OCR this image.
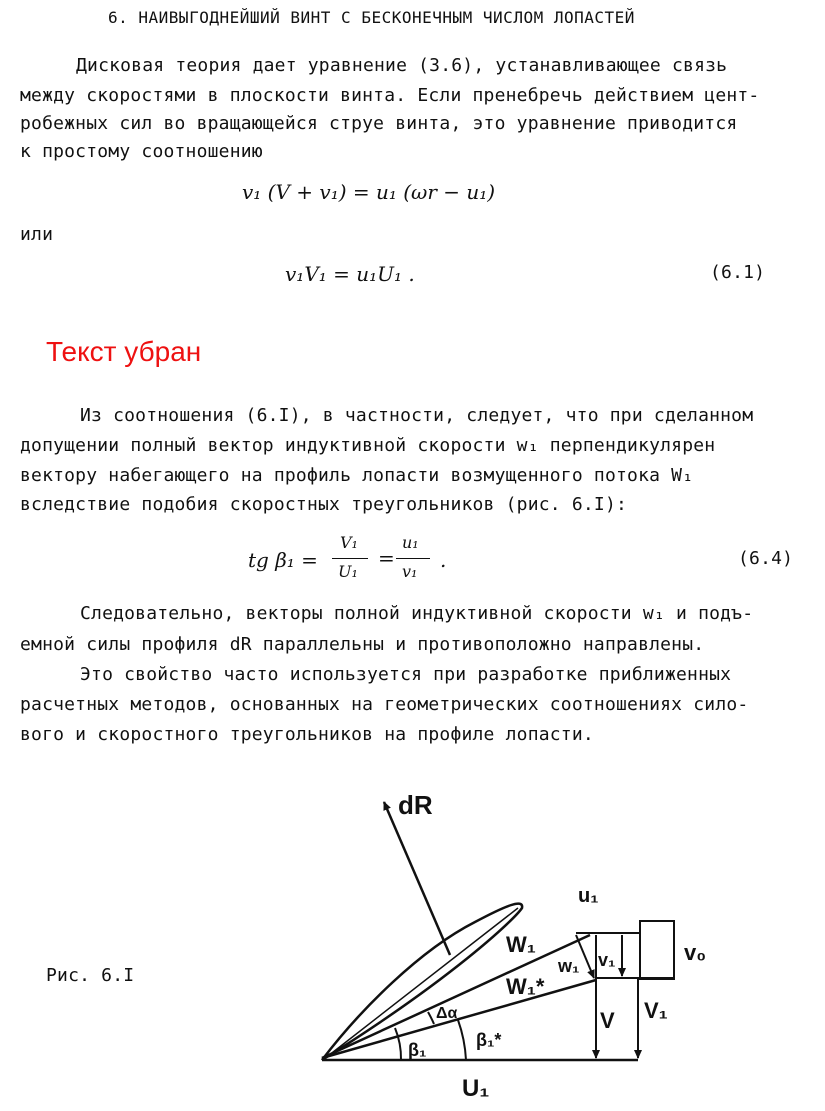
6. НАИВЫГОДНЕЙШИЙ ВИНТ С БЕСКОНЕЧНЫМ ЧИСЛОМ ЛОПАСТЕЙ
Дисковая теория дает уравнение (3.6), устанавливающее связь
между скоростями в плоскости винта. Если пренебречь действием цент-
робежных сил во вращающейся струе винта, это уравнение приводится
к простому соотношению
v₁ (V + v₁) = u₁ (ωr − u₁)
или
v₁V₁ = u₁U₁ .	(6.1)
Текст убран
Из соотношения (6.I), в частности, следует, что при сделанном
допущении полный вектор индуктивной скорости w₁ перпендикулярен
вектору набегающего на профиль лопасти возмущенного потока W₁
вследствие подобия скоростных треугольников (рис. 6.I):
tg β₁ =
V₁
U₁
=
u₁
v₁ .	(6.4)
Следовательно, векторы полной индуктивной скорости w₁ и подъ-
емной силы профиля dR параллельны и противоположно направлены.
Это свойство часто используется при разработке приближенных
расчетных методов, основанных на геометрических соотношениях сило-
вого и скоростного треугольников на профиле лопасти.
Рис. 6.I
dR
u₁
W₁
W₁*
w₁ v₁	v₀
Δα
β₁*
β₁
V V₁
U₁
